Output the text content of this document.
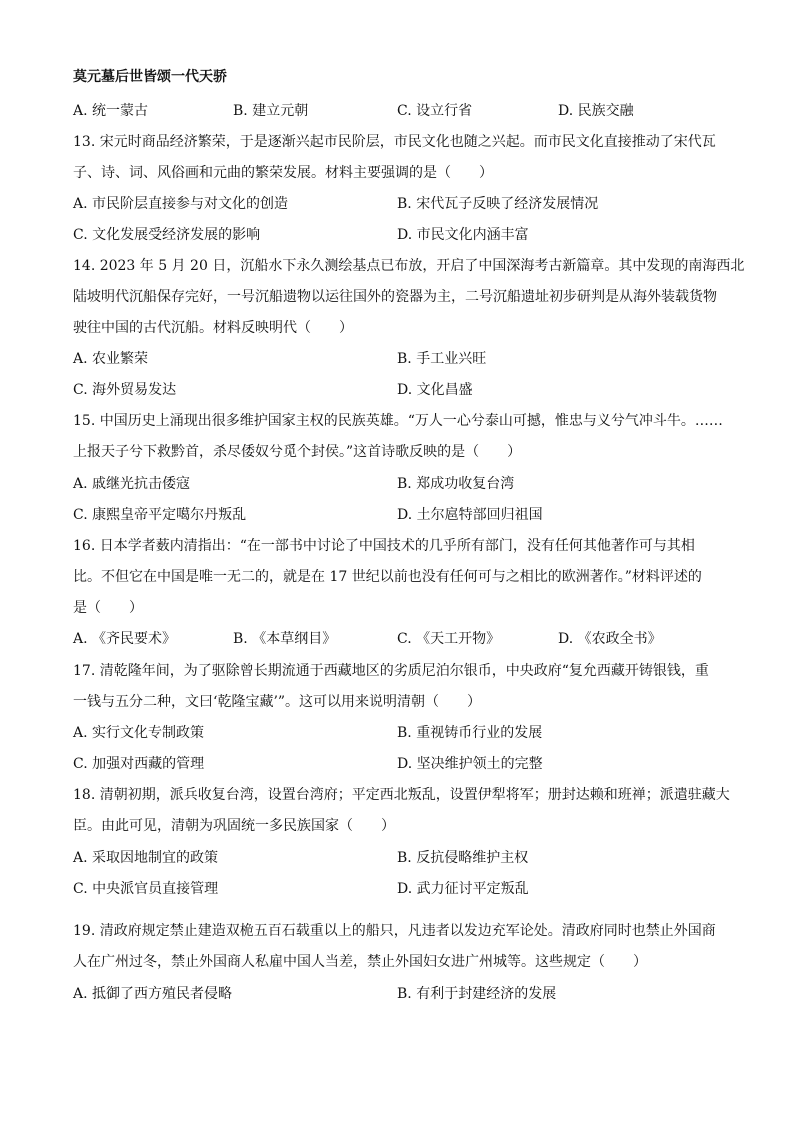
莫元墓后世皆颂一代天骄
A. 统一蒙古	B. 建立元朝	C. 设立行省	D. 民族交融
13. 宋元时商品经济繁荣，于是逐渐兴起市民阶层，市民文化也随之兴起。而市民文化直接推动了宋代瓦
子、诗、词、风俗画和元曲的繁荣发展。材料主要强调的是（　　）
A. 市民阶层直接参与对文化的创造	B. 宋代瓦子反映了经济发展情况
C. 文化发展受经济发展的影响	D. 市民文化内涵丰富
14. 2023 年 5 月 20 日，沉船水下永久测绘基点已布放，开启了中国深海考古新篇章。其中发现的南海西北
陆坡明代沉船保存完好，一号沉船遗物以运往国外的瓷器为主，二号沉船遗址初步研判是从海外装载货物
驶往中国的古代沉船。材料反映明代（　　）
A. 农业繁荣	B. 手工业兴旺
C. 海外贸易发达	D. 文化昌盛
15. 中国历史上涌现出很多维护国家主权的民族英雄。“万人一心兮泰山可撼，惟忠与义兮气冲斗牛。……
上报天子兮下救黔首，杀尽倭奴兮觅个封侯。”这首诗歌反映的是（　　）
A. 戚继光抗击倭寇	B. 郑成功收复台湾
C. 康熙皇帝平定噶尔丹叛乱	D. 土尔扈特部回归祖国
16. 日本学者薮内清指出：“在一部书中讨论了中国技术的几乎所有部门，没有任何其他著作可与其相
比。不但它在中国是唯一无二的，就是在 17 世纪以前也没有任何可与之相比的欧洲著作。”材料评述的
是（　　）
A. 《齐民要术》	B. 《本草纲目》	C. 《天工开物》	D. 《农政全书》
17. 清乾隆年间，为了驱除曾长期流通于西藏地区的劣质尼泊尔银币，中央政府“复允西藏开铸银钱，重
一钱与五分二种，文曰‘乾隆宝藏’”。这可以用来说明清朝（　　）
A. 实行文化专制政策	B. 重视铸币行业的发展
C. 加强对西藏的管理	D. 坚决维护领土的完整
18. 清朝初期，派兵收复台湾，设置台湾府；平定西北叛乱，设置伊犁将军；册封达赖和班禅；派遣驻藏大
臣。由此可见，清朝为巩固统一多民族国家（　　）
A. 采取因地制宜的政策	B. 反抗侵略维护主权
C. 中央派官员直接管理	D. 武力征讨平定叛乱
19. 清政府规定禁止建造双桅五百石载重以上的船只，凡违者以发边充军论处。清政府同时也禁止外国商
人在广州过冬，禁止外国商人私雇中国人当差，禁止外国妇女进广州城等。这些规定（　　）
A. 抵御了西方殖民者侵略	B. 有利于封建经济的发展
